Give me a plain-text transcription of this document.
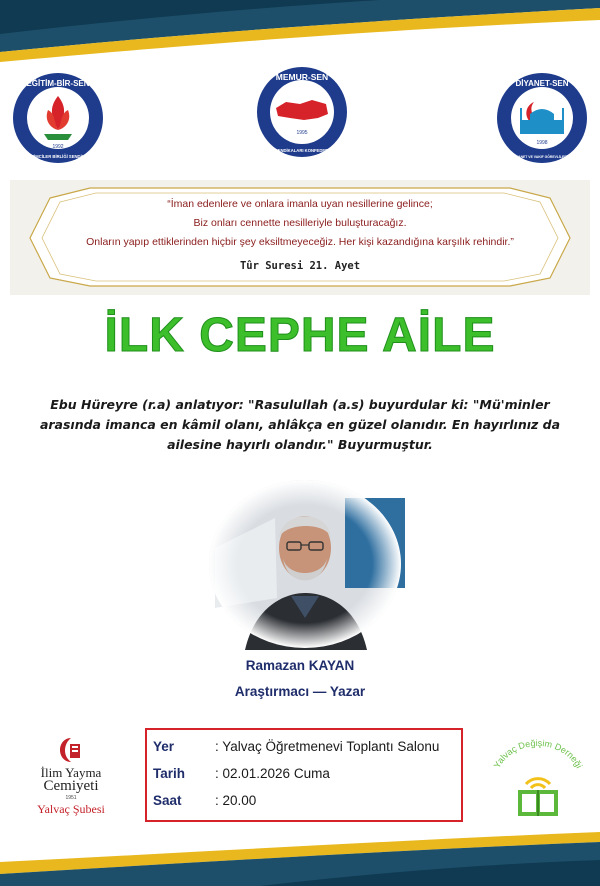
EĞİTİM-BİR-SEN
EĞİTİMCİLER BİRLİĞİ SENDİKASI
1992
MEMUR-SEN
MEMUR SENDİKALARI KONFEDERASYONU
1995
DİYANET-SEN
TÜRKİYE DİYANET VE VAKIF GÖREVLİLERİ SENDİKASI
1998
“İman edenlere ve onlara imanla uyan nesillerine gelince;
Biz onları cennette nesilleriyle buluşturacağız.
Onların yapıp ettiklerinden hiçbir şey eksiltmeyeceğiz. Her kişi kazandığına karşılık rehindir.”
Tûr Suresi 21. Ayet
İLK CEPHE AİLE
Ebu Hüreyre (r.a) anlatıyor: "Rasulullah (a.s) buyurdular ki: "Mü'minler arasında imanca en kâmil olanı, ahlâkça en güzel olanıdır. En hayırlınız da ailesine hayırlı olandır." Buyurmuştur.
Ramazan KAYAN
Araştırmacı — Yazar
İlim Yayma
Cemiyeti
1951
Yalvaç Şubesi
Yer	: Yalvaç Öğretmenevi Toplantı Salonu
Tarih	: 02.01.2026 Cuma
Saat	: 20.00
Yalvaç Değişim Derneği
